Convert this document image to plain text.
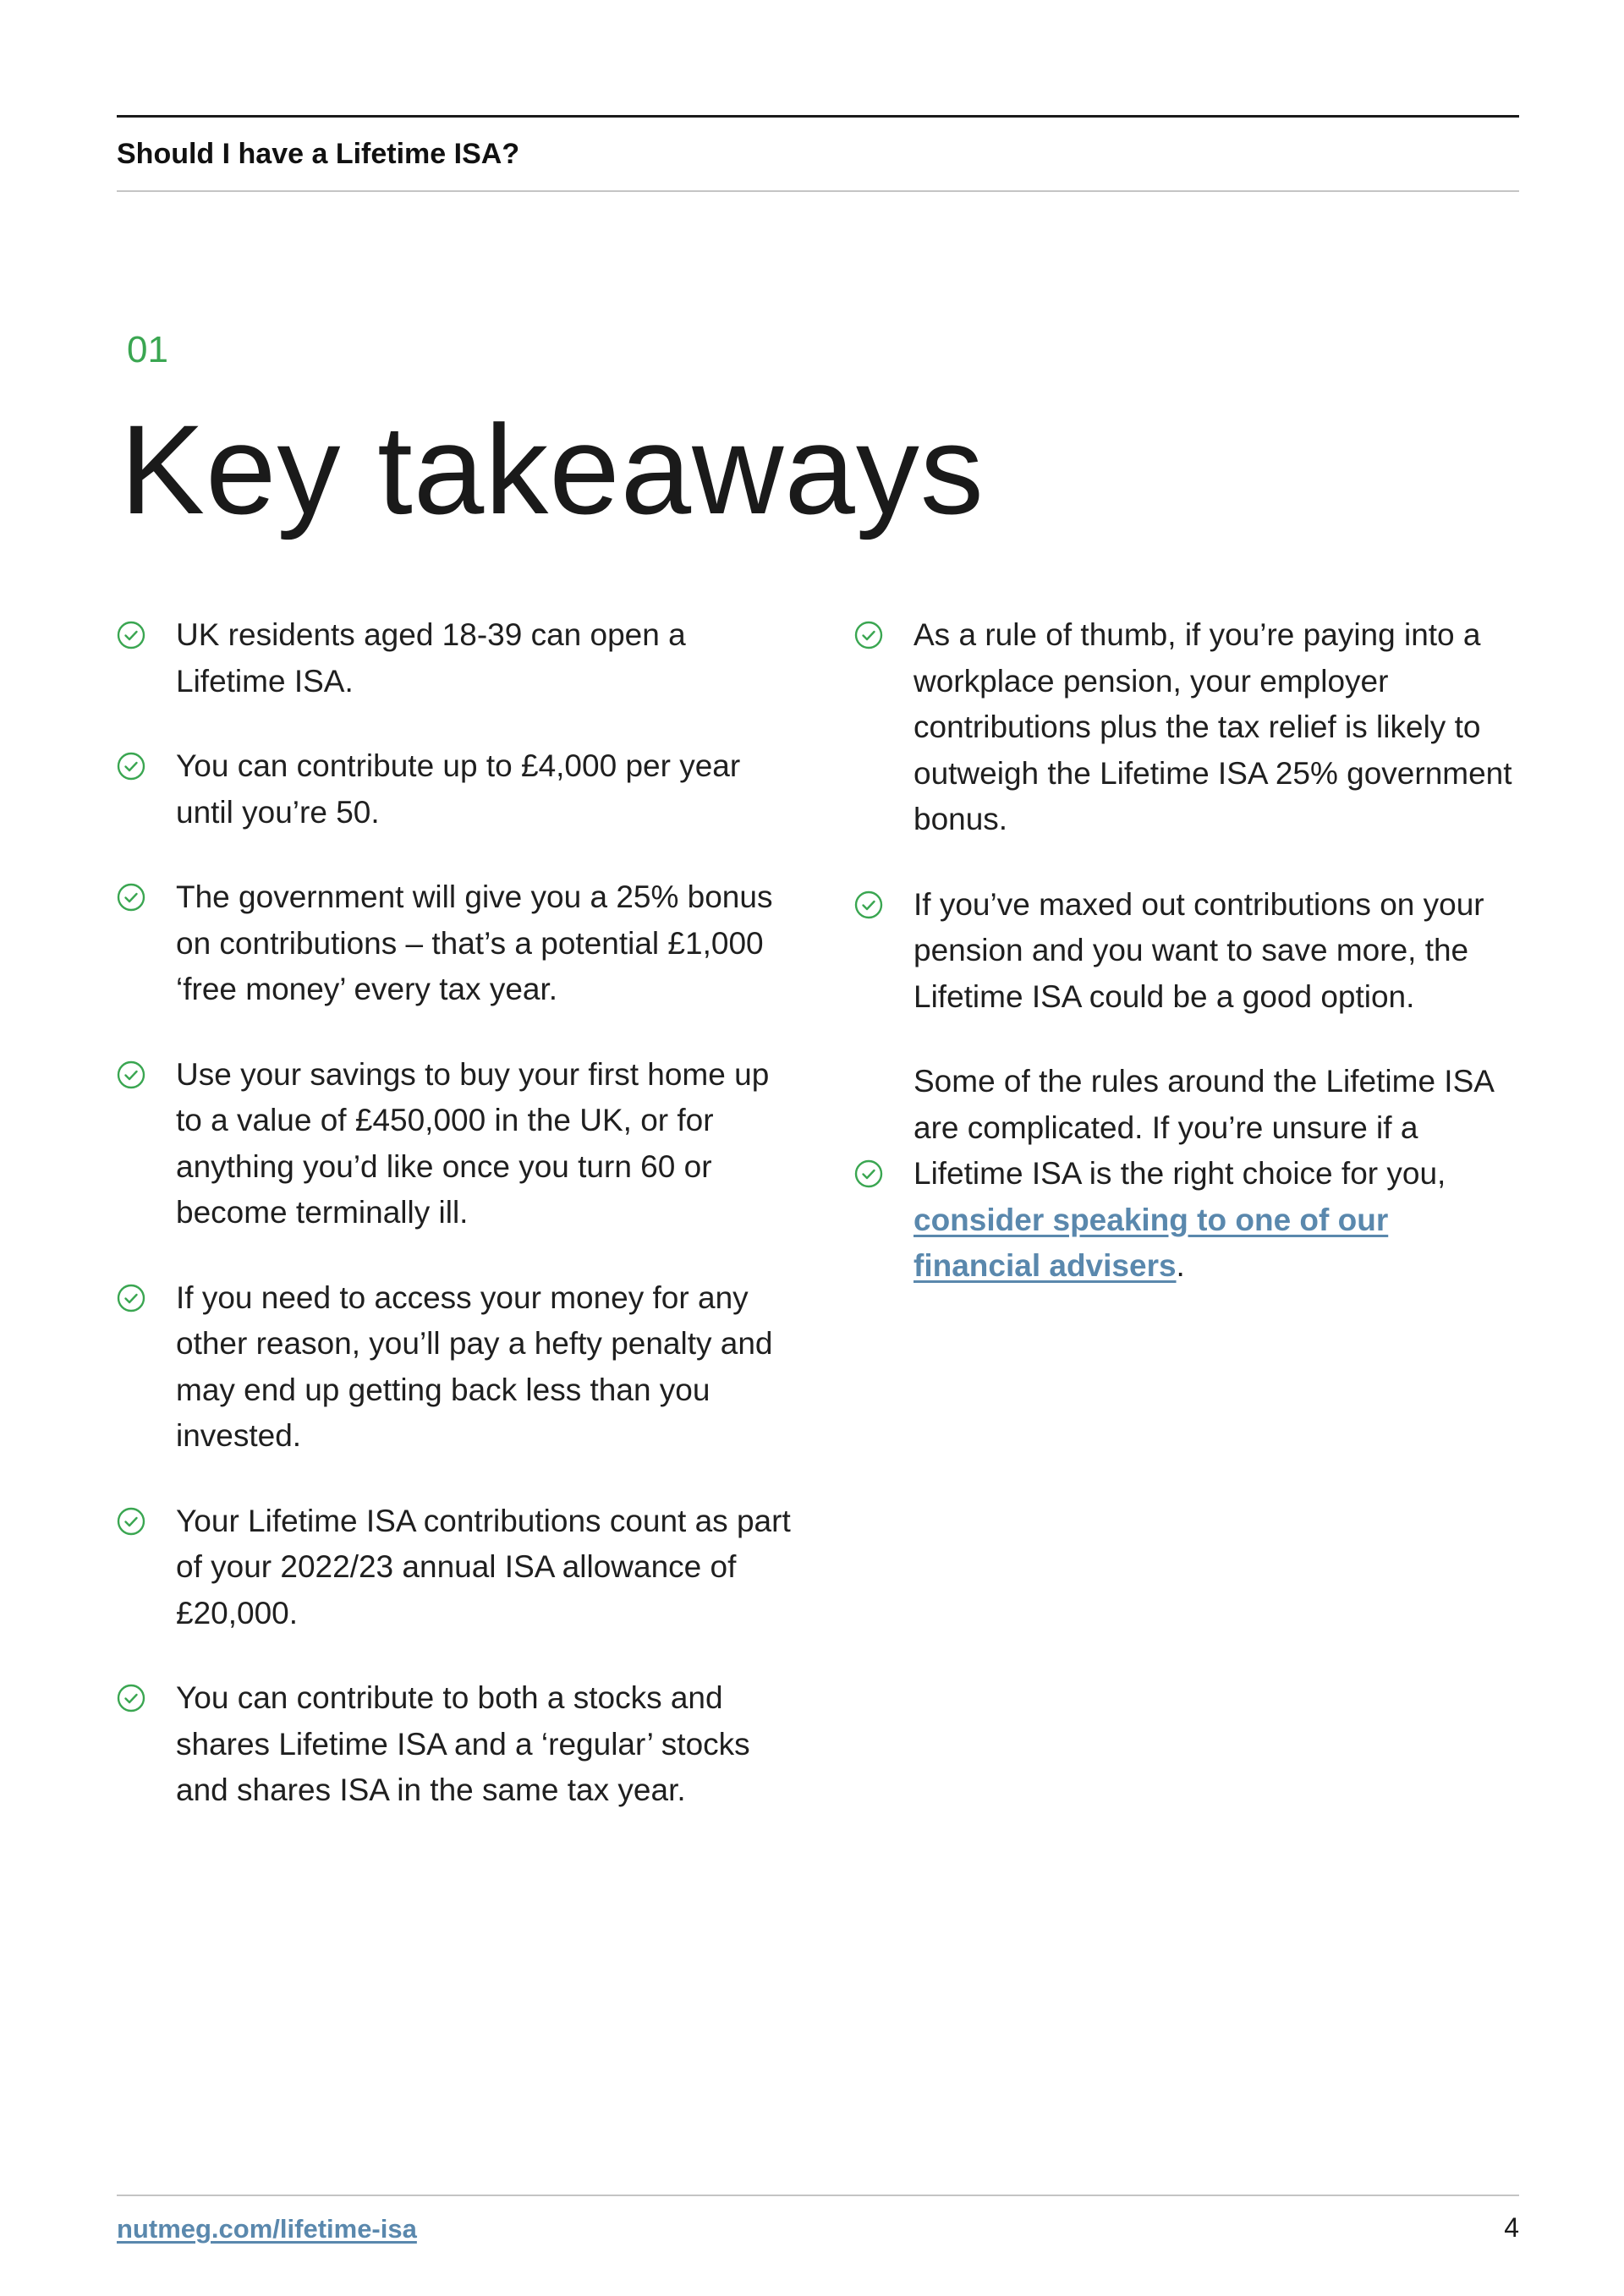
Should I have a Lifetime ISA?
01
Key takeaways
UK residents aged 18-39 can open a Lifetime ISA.
You can contribute up to £4,000 per year until you’re 50.
The government will give you a 25% bonus on contributions – that’s a potential £1,000 ‘free money’ every tax year.
Use your savings to buy your first home up to a value of £450,000 in the UK, or for anything you’d like once you turn 60 or become terminally ill.
If you need to access your money for any other reason, you’ll pay a hefty penalty and may end up getting back less than you invested.
Your Lifetime ISA contributions count as part of your 2022/23 annual ISA allowance of £20,000.
You can contribute to both a stocks and shares Lifetime ISA and a ‘regular’ stocks and shares ISA in the same tax year.
As a rule of thumb, if you’re paying into a workplace pension, your employer contributions plus the tax relief is likely to outweigh the Lifetime ISA 25% government bonus.
If you’ve maxed out contributions on your pension and you want to save more, the Lifetime ISA could be a good option.
Some of the rules around the Lifetime ISA are complicated. If you’re unsure if a Lifetime ISA is the right choice for you, consider speaking to one of our financial advisers.
nutmeg.com/lifetime-isa	4
